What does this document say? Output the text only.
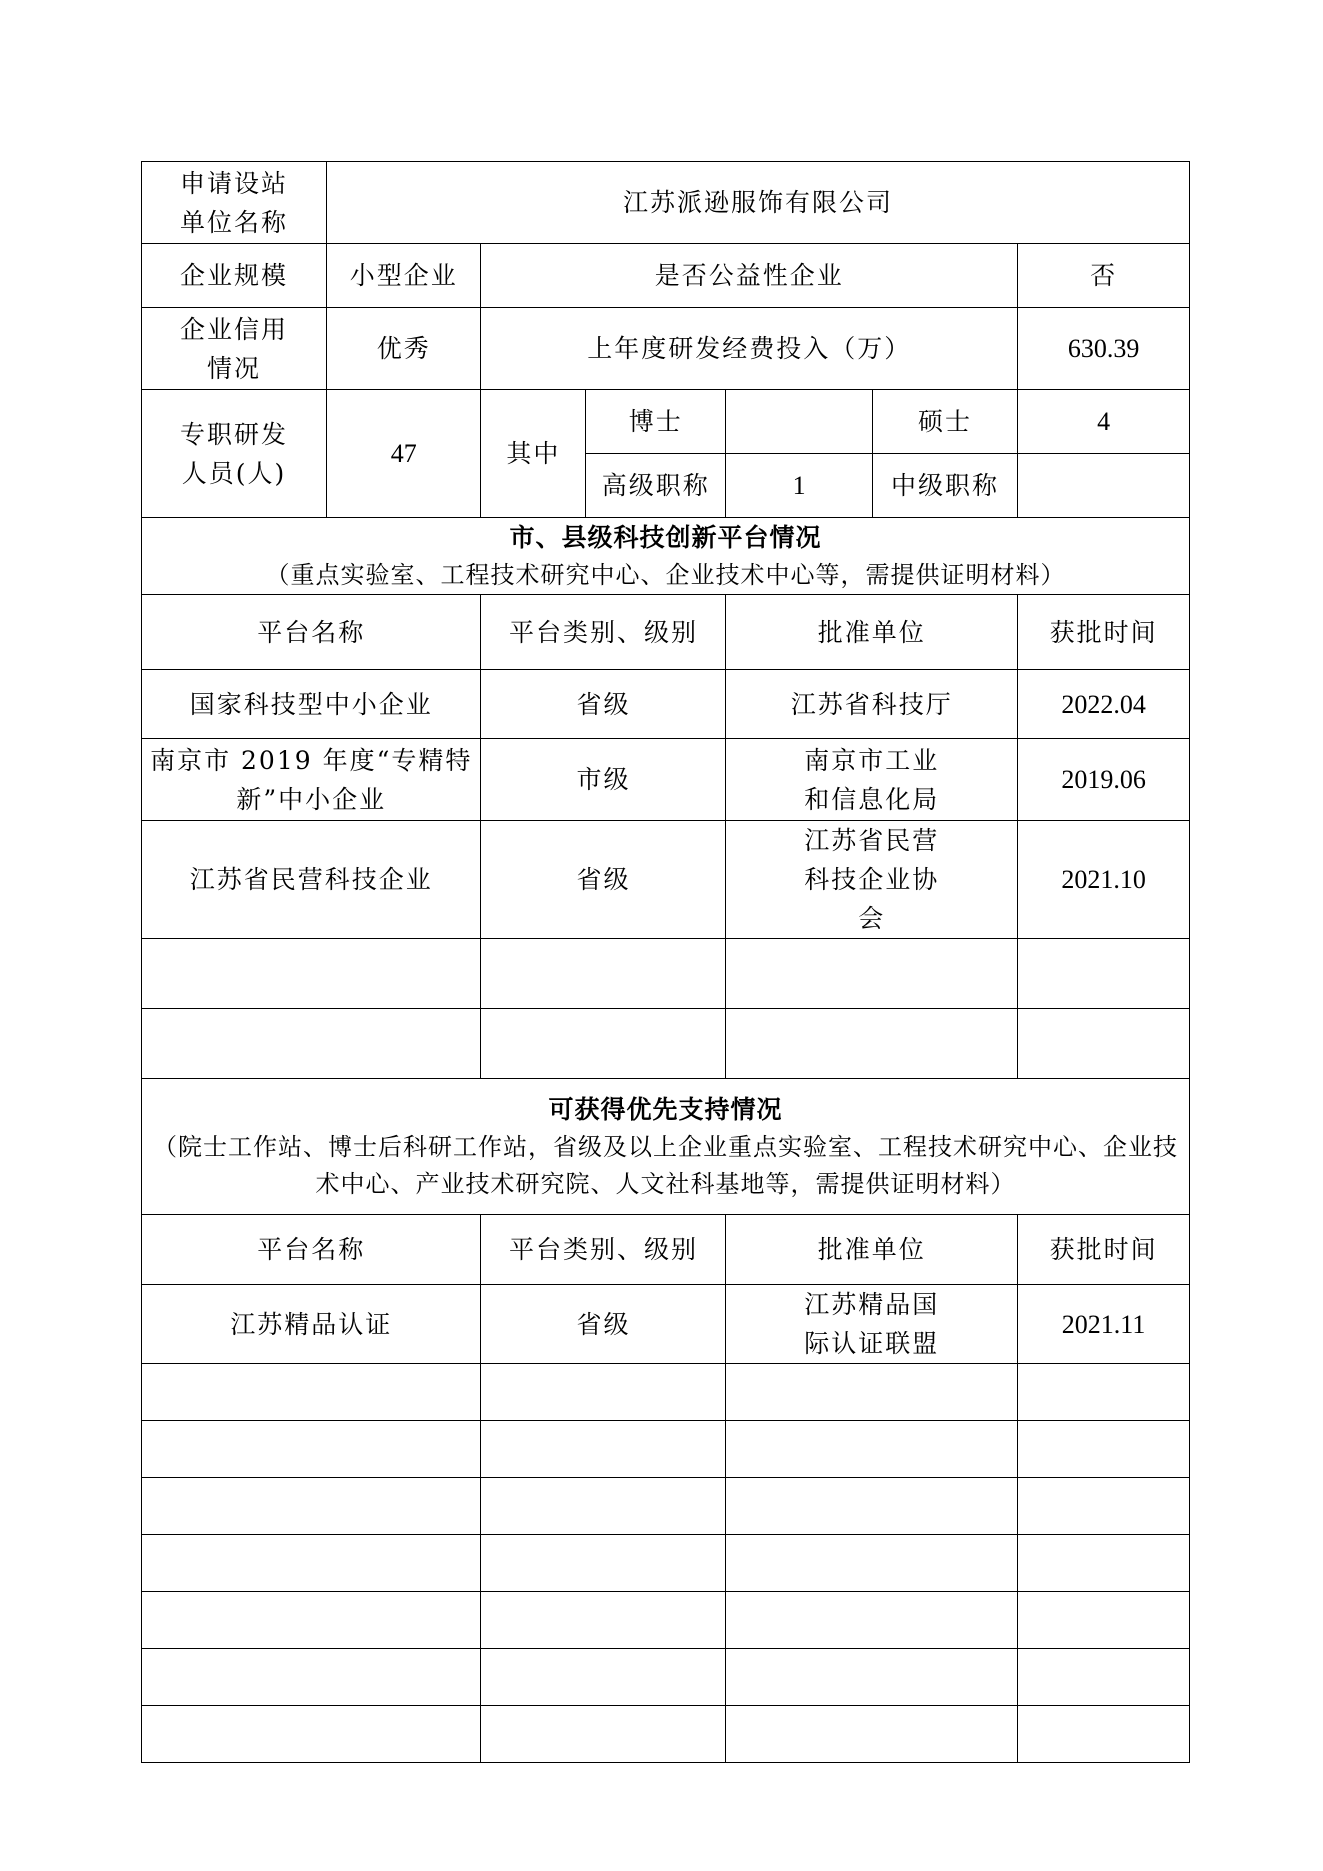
申请设站单位名称	江苏派逊服饰有限公司					
企业规模	小型企业	是否公益性企业				否
企业信用情况	优秀	上年度研发经费投入（万）				630.39
专职研发人员(人)	47	其中	博士		硕士	4
			高级职称	1	中级职称	

市、县级科技创新平台情况
（重点实验室、工程技术研究中心、企业技术中心等，需提供证明材料）						

平台名称		平台类别、级别		批准单位		获批时间
国家科技型中小企业		省级		江苏省科技厅		2022.04
南京市 2019 年度“专精特新”中小企业		市级		南京市工业和信息化局		2019.06
江苏省民营科技企业		省级		江苏省民营科技企业协会		2021.10

可获得优先支持情况
（院士工作站、博士后科研工作站，省级及以上企业重点实验室、工程技术研究中心、企业技术中心、产业技术研究院、人文社科基地等，需提供证明材料）						

平台名称		平台类别、级别		批准单位		获批时间
江苏精品认证		省级		江苏精品国际认证联盟		2021.11
